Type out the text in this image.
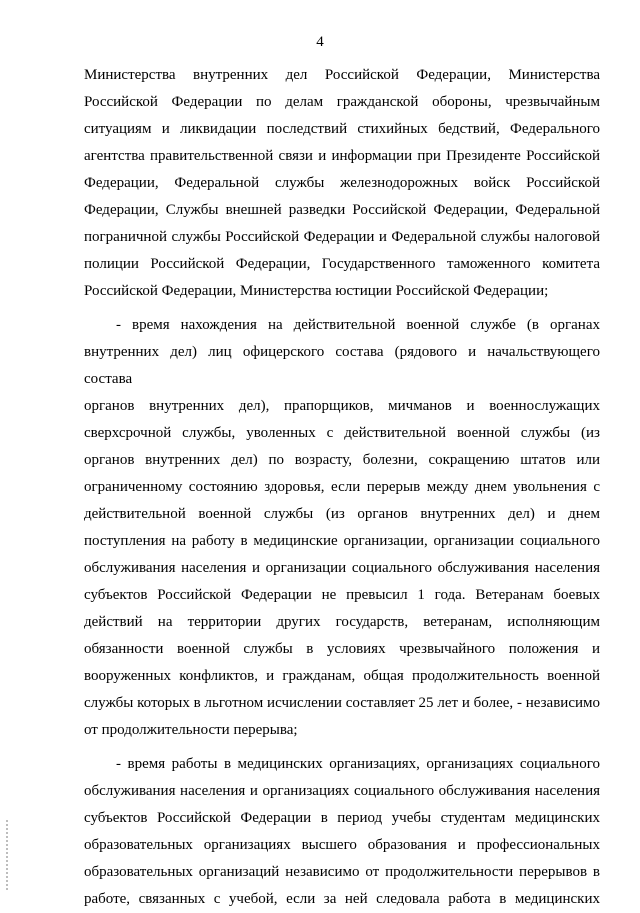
4

Министерства внутренних дел Российской Федерации, Министерства
Российской Федерации по делам гражданской обороны, чрезвычайным
ситуациям и ликвидации последствий стихийных бедствий, Федерального
агентства правительственной связи и информации при Президенте Российской
Федерации, Федеральной службы железнодорожных войск Российской
Федерации, Службы внешней разведки Российской Федерации, Федеральной
пограничной службы Российской Федерации и Федеральной службы налоговой
полиции Российской Федерации, Государственного таможенного комитета
Российской Федерации, Министерства юстиции Российской Федерации;

- время нахождения на действительной военной службе (в органах
внутренних дел) лиц офицерского состава (рядового и начальствующего состава
органов внутренних дел), прапорщиков, мичманов и военнослужащих
сверхсрочной службы, уволенных с действительной военной службы (из
органов внутренних дел) по возрасту, болезни, сокращению штатов или
ограниченному состоянию здоровья, если перерыв между днем увольнения с
действительной военной службы (из органов внутренних дел) и днем
поступления на работу в медицинские организации, организации социального
обслуживания населения и организации социального обслуживания населения
субъектов Российской Федерации не превысил 1 года. Ветеранам боевых
действий на территории других государств, ветеранам, исполняющим
обязанности военной службы в условиях чрезвычайного положения и
вооруженных конфликтов, и гражданам, общая продолжительность военной
службы которых в льготном исчислении составляет 25 лет и более, - независимо
от продолжительности перерыва;

- время работы в медицинских организациях, организациях социального
обслуживания населения и организациях социального обслуживания населения
субъектов Российской Федерации в период учебы студентам медицинских
образовательных организациях высшего образования и профессиональных
образовательных организаций независимо от продолжительности перерывов в
работе, связанных с учебой, если за ней следовала работа в медицинских
